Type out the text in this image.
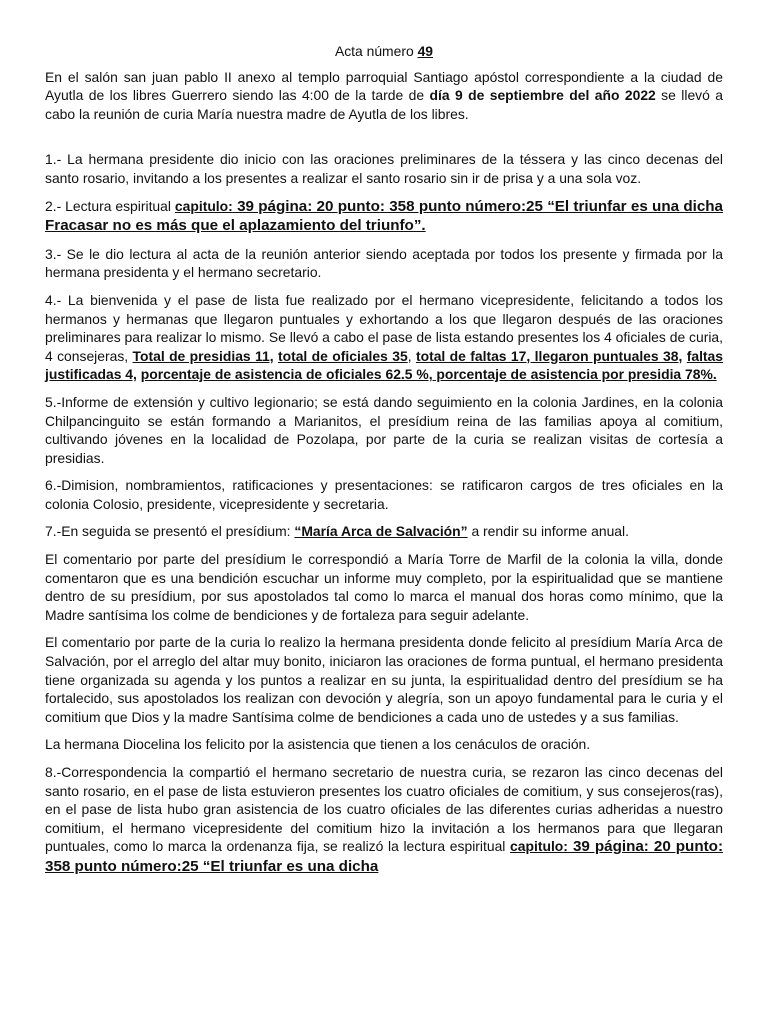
Acta número 49

En el salón san juan pablo II anexo al templo parroquial Santiago apóstol correspondiente a la ciudad de Ayutla de los libres Guerrero siendo las 4:00 de la tarde de día 9 de septiembre del año 2022 se llevó a cabo la reunión de curia María nuestra madre de Ayutla de los libres.

1.- La hermana presidente dio inicio con las oraciones preliminares de la téssera y las cinco decenas del santo rosario, invitando a los presentes a realizar el santo rosario sin ir de prisa y a una sola voz.

2.- Lectura espiritual capitulo: 39 página: 20 punto: 358 punto número:25 “El triunfar es una dicha Fracasar no es más que el aplazamiento del triunfo”.

3.- Se le dio lectura al acta de la reunión anterior siendo aceptada por todos los presente y firmada por la hermana presidenta y el hermano secretario.

4.- La bienvenida y el pase de lista fue realizado por el hermano vicepresidente, felicitando a todos los hermanos y hermanas que llegaron puntuales y exhortando a los que llegaron después de las oraciones preliminares para realizar lo mismo. Se llevó a cabo el pase de lista estando presentes los 4 oficiales de curia, 4 consejeras, Total de presidias 11, total de oficiales 35, total de faltas 17, llegaron puntuales 38, faltas justificadas 4, porcentaje de asistencia de oficiales 62.5 %, porcentaje de asistencia por presidia 78%.

5.-Informe de extensión y cultivo legionario; se está dando seguimiento en la colonia Jardines, en la colonia Chilpancinguito se están formando a Marianitos, el presídium reina de las familias apoya al comitium, cultivando jóvenes en la localidad de Pozolapa, por parte de la curia se realizan visitas de cortesía a presidias.

6.-Dimision, nombramientos, ratificaciones y presentaciones: se ratificaron cargos de tres oficiales en la colonia Colosio, presidente, vicepresidente y secretaria.

7.-En seguida se presentó el presídium: “María Arca de Salvación” a rendir su informe anual.

El comentario por parte del presídium le correspondió a María Torre de Marfil de la colonia la villa, donde comentaron que es una bendición escuchar un informe muy completo, por la espiritualidad que se mantiene dentro de su presídium, por sus apostolados tal como lo marca el manual dos horas como mínimo, que la Madre santísima los colme de bendiciones y de fortaleza para seguir adelante.

El comentario por parte de la curia lo realizo la hermana presidenta donde felicito al presídium María Arca de Salvación, por el arreglo del altar muy bonito, iniciaron las oraciones de forma puntual, el hermano presidenta tiene organizada su agenda y los puntos a realizar en su junta, la espiritualidad dentro del presídium se ha fortalecido, sus apostolados los realizan con devoción y alegría, son un apoyo fundamental para le curia y el comitium que Dios y la madre Santísima colme de bendiciones a cada uno de ustedes y a sus familias.

La hermana Diocelina los felicito por la asistencia que tienen a los cenáculos de oración.

8.-Correspondencia la compartió el hermano secretario de nuestra curia, se rezaron las cinco decenas del santo rosario, en el pase de lista estuvieron presentes los cuatro oficiales de comitium, y sus consejeros(ras), en el pase de lista hubo gran asistencia de los cuatro oficiales de las diferentes curias adheridas a nuestro comitium, el hermano vicepresidente del comitium hizo la invitación a los hermanos para que llegaran puntuales, como lo marca la ordenanza fija, se realizó la lectura espiritual capitulo: 39 página: 20 punto: 358 punto número:25 “El triunfar es una dicha
